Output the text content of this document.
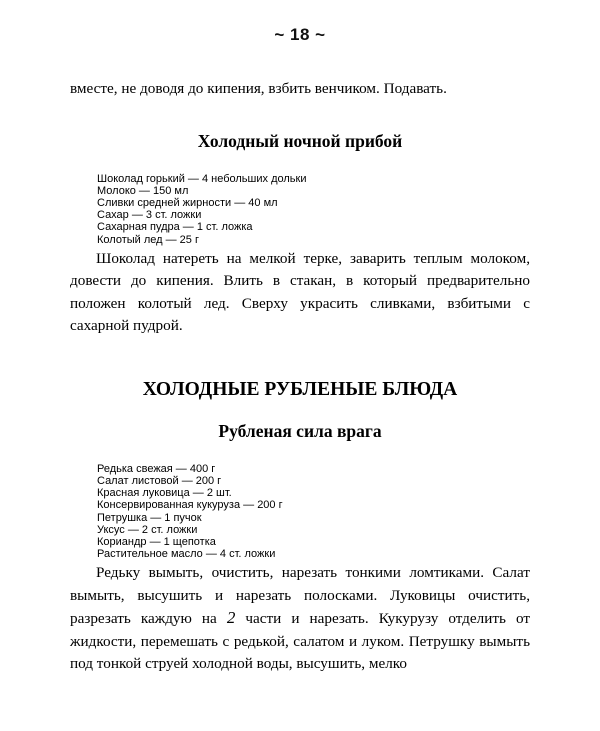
~ 18 ~

вместе, не доводя до кипения, взбить венчиком. Подавать.

Холодный ночной прибой
Шоколад горький — 4 небольших дольки
Молоко — 150 мл
Сливки средней жирности — 40 мл
Сахар — 3 ст. ложки
Сахарная пудра — 1 ст. ложка
Колотый лед — 25 г

Шоколад натереть на мелкой терке, заварить теплым молоком, довести до кипения. Влить в стакан, в который предварительно положен колотый лед. Сверху украсить сливками, взбитыми с сахарной пудрой.

ХОЛОДНЫЕ РУБЛЕНЫЕ БЛЮДА
Рубленая сила врага
Редька свежая — 400 г
Салат листовой — 200 г
Красная луковица — 2 шт.
Консервированная кукуруза — 200 г
Петрушка — 1 пучок
Уксус — 2 ст. ложки
Кориандр — 1 щепотка
Растительное масло — 4 ст. ложки

Редьку вымыть, очистить, нарезать тонкими ломтиками. Салат вымыть, высушить и нарезать полосками. Луковицы очистить, разрезать каждую на 2 части и нарезать. Кукурузу отделить от жидкости, перемешать с редькой, салатом и луком. Петрушку вымыть под тонкой струей холодной воды, высушить, мелко
